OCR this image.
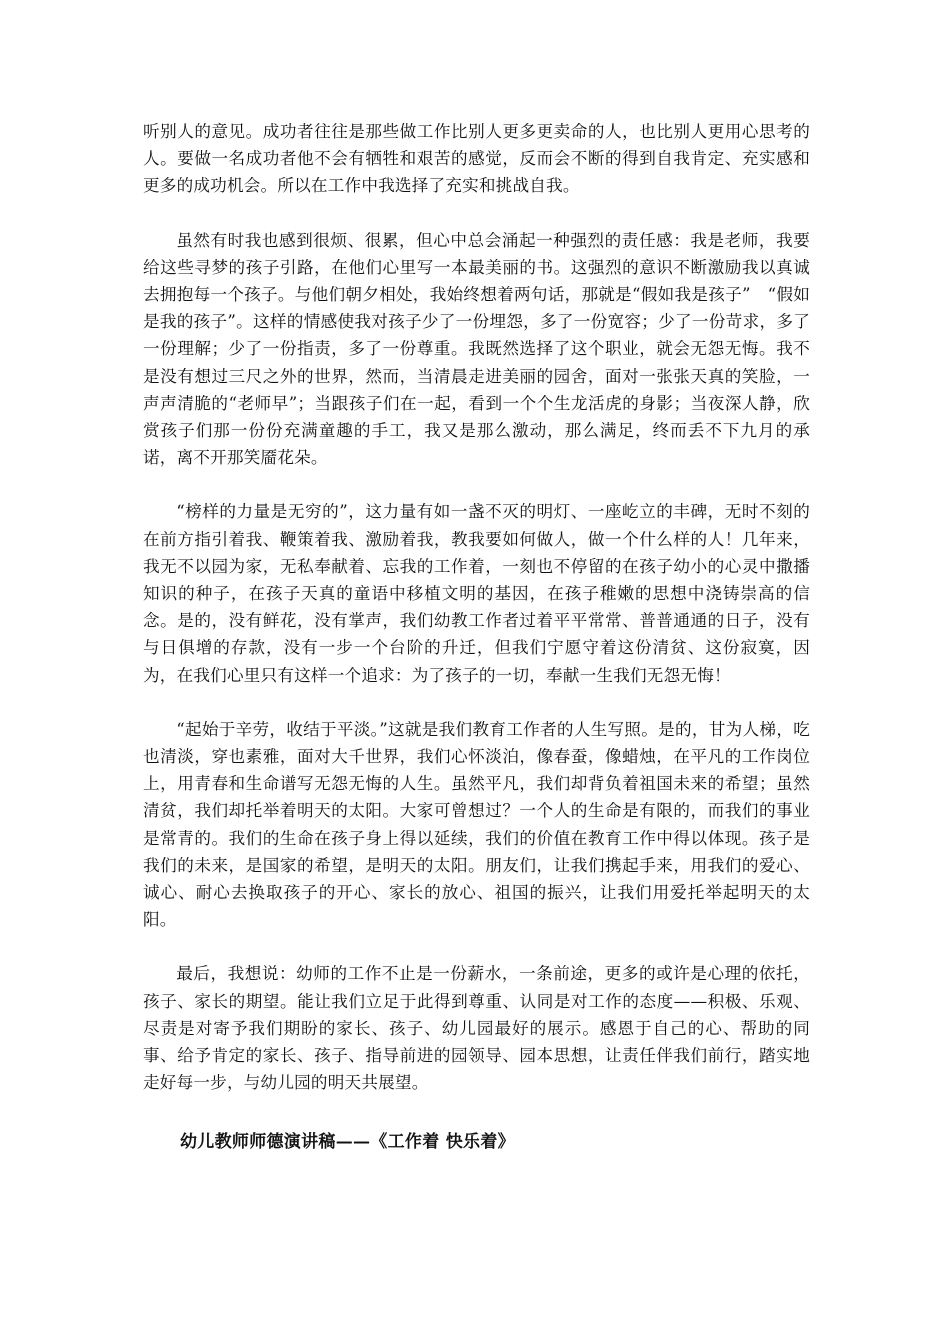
听别人的意见。成功者往往是那些做工作比别人更多更卖命的人，也比别人更用心思考的人。要做一名成功者他不会有牺牲和艰苦的感觉，反而会不断的得到自我肯定、充实感和更多的成功机会。所以在工作中我选择了充实和挑战自我。

虽然有时我也感到很烦、很累，但心中总会涌起一种强烈的责任感：我是老师，我要给这些寻梦的孩子引路，在他们心里写一本最美丽的书。这强烈的意识不断激励我以真诚去拥抱每一个孩子。与他们朝夕相处，我始终想着两句话，那就是“假如我是孩子”　“假如是我的孩子”。这样的情感使我对孩子少了一份埋怨，多了一份宽容；少了一份苛求，多了一份理解；少了一份指责，多了一份尊重。我既然选择了这个职业，就会无怨无悔。我不是没有想过三尺之外的世界，然而，当清晨走进美丽的园舍，面对一张张天真的笑脸，一声声清脆的“老师早”；当跟孩子们在一起，看到一个个生龙活虎的身影；当夜深人静，欣赏孩子们那一份份充满童趣的手工，我又是那么激动，那么满足，终而丢不下九月的承诺，离不开那笑靥花朵。

“榜样的力量是无穷的”，这力量有如一盏不灭的明灯、一座屹立的丰碑，无时不刻的在前方指引着我、鞭策着我、激励着我，教我要如何做人，做一个什么样的人！几年来，我无不以园为家，无私奉献着、忘我的工作着，一刻也不停留的在孩子幼小的心灵中撒播知识的种子，在孩子天真的童语中移植文明的基因，在孩子稚嫩的思想中浇铸崇高的信念。是的，没有鲜花，没有掌声，我们幼教工作者过着平平常常、普普通通的日子，没有与日俱增的存款，没有一步一个台阶的升迁，但我们宁愿守着这份清贫、这份寂寞，因为，在我们心里只有这样一个追求：为了孩子的一切，奉献一生我们无怨无悔！

“起始于辛劳，收结于平淡。”这就是我们教育工作者的人生写照。是的，甘为人梯，吃也清淡，穿也素雅，面对大千世界，我们心怀淡泊，像春蚕，像蜡烛，在平凡的工作岗位上，用青春和生命谱写无怨无悔的人生。虽然平凡，我们却背负着祖国未来的希望；虽然清贫，我们却托举着明天的太阳。大家可曾想过？一个人的生命是有限的，而我们的事业是常青的。我们的生命在孩子身上得以延续，我们的价值在教育工作中得以体现。孩子是我们的未来，是国家的希望，是明天的太阳。朋友们，让我们携起手来，用我们的爱心、诚心、耐心去换取孩子的开心、家长的放心、祖国的振兴，让我们用爱托举起明天的太阳。

最后，我想说：幼师的工作不止是一份薪水，一条前途，更多的或许是心理的依托，孩子、家长的期望。能让我们立足于此得到尊重、认同是对工作的态度——积极、乐观、尽责是对寄予我们期盼的家长、孩子、幼儿园最好的展示。感恩于自己的心、帮助的同事、给予肯定的家长、孩子、指导前进的园领导、园本思想，让责任伴我们前行，踏实地走好每一步，与幼儿园的明天共展望。

幼儿教师师德演讲稿——《工作着 快乐着》
